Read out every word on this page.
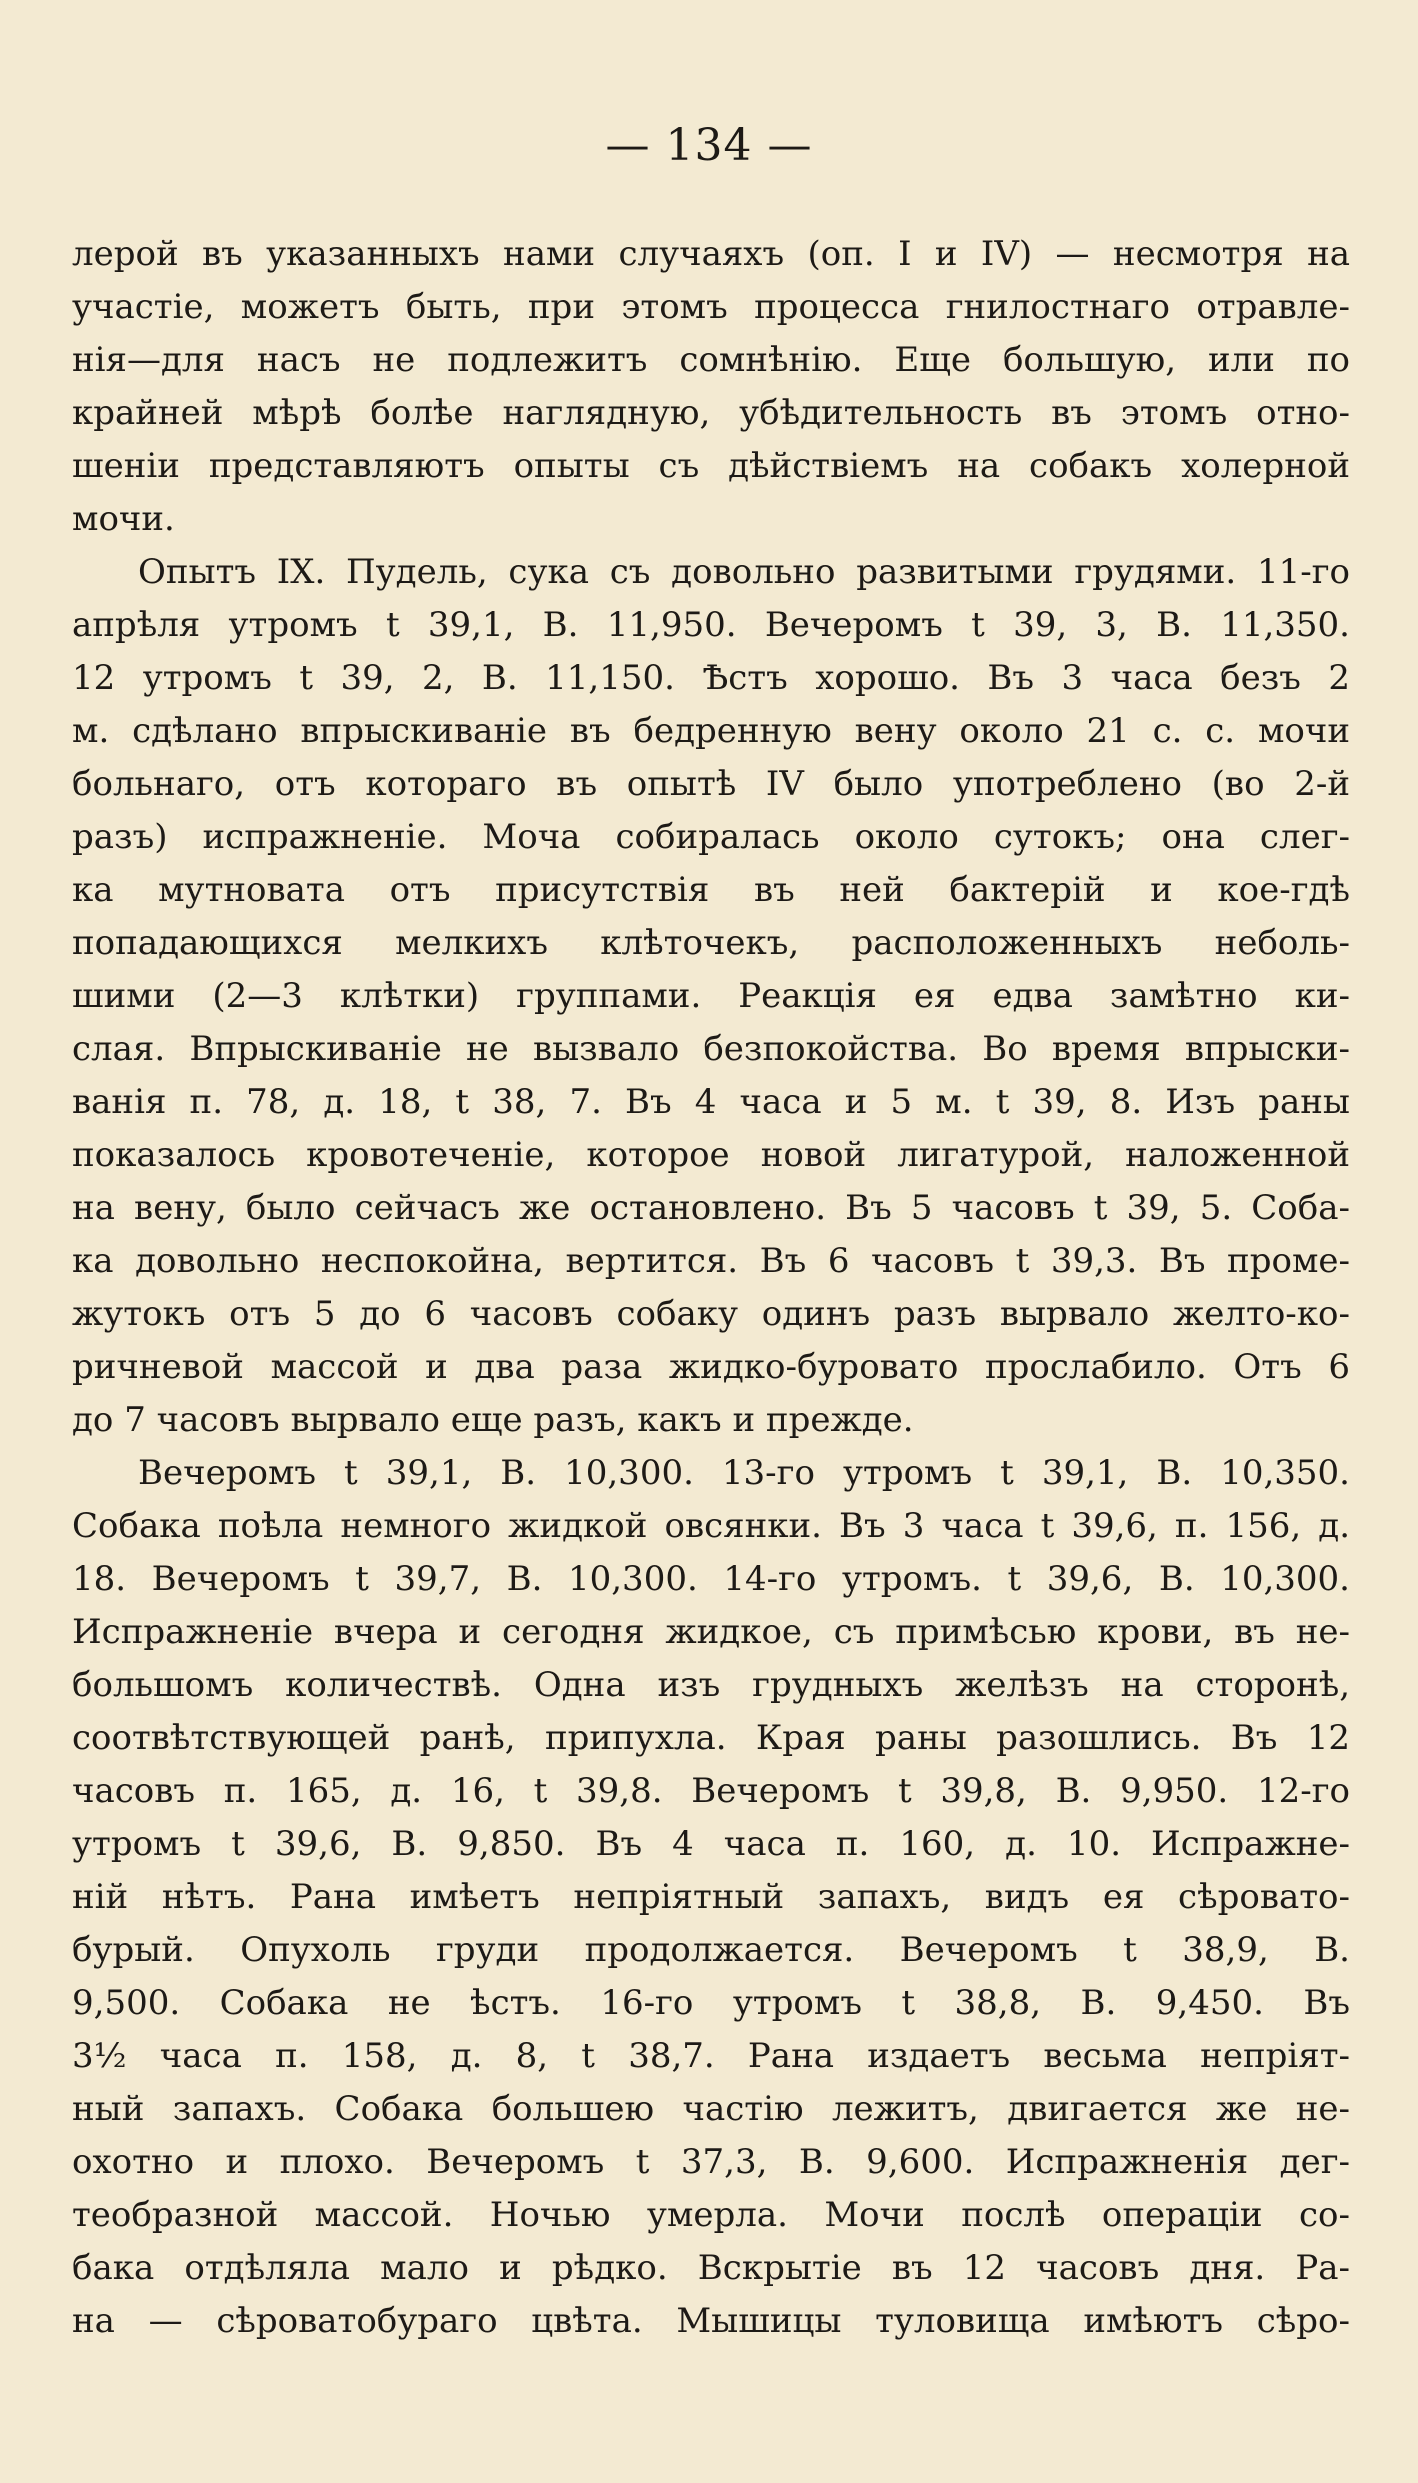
— 134 —
лерой въ указанныхъ нами случаяхъ (оп. I и IV) — несмотря на
участіе, можетъ быть, при этомъ процесса гнилостнаго отравле-
нія—для насъ не подлежитъ сомнѣнію. Еще большую, или по
крайней мѣрѣ болѣе наглядную, убѣдительность въ этомъ отно-
шеніи представляютъ опыты съ дѣйствіемъ на собакъ холерной
мочи.
Опытъ IX. Пудель, сука съ довольно развитыми грудями. 11-го
апрѣля утромъ t 39,1, В. 11,950. Вечеромъ t 39, 3, В. 11,350.
12 утромъ t 39, 2, В. 11,150. Ѣстъ хорошо. Въ 3 часа безъ 2
м. сдѣлано впрыскиваніе въ бедренную вену около 21 с. с. мочи
больнаго, отъ котораго въ опытѣ IV было употреблено (во 2-й
разъ) испражненіе. Моча собиралась около сутокъ; она слег-
ка мутновата отъ присутствія въ ней бактерій и кое-гдѣ
попадающихся мелкихъ клѣточекъ, расположенныхъ неболь-
шими (2—3 клѣтки) группами. Реакція ея едва замѣтно ки-
слая. Впрыскиваніе не вызвало безпокойства. Во время впрыски-
ванія п. 78, д. 18, t 38, 7. Въ 4 часа и 5 м. t 39, 8. Изъ раны
показалось кровотеченіе, которое новой лигатурой, наложенной
на вену, было сейчасъ же остановлено. Въ 5 часовъ t 39, 5. Соба-
ка довольно неспокойна, вертится. Въ 6 часовъ t 39,3. Въ проме-
жутокъ отъ 5 до 6 часовъ собаку одинъ разъ вырвало желто-ко-
ричневой массой и два раза жидко-буровато прослабило. Отъ 6
до 7 часовъ вырвало еще разъ, какъ и прежде.
Вечеромъ t 39,1, В. 10,300. 13-го утромъ t 39,1, В. 10,350.
Собака поѣла немного жидкой овсянки. Въ 3 часа t 39,6, п. 156, д.
18. Вечеромъ t 39,7, В. 10,300. 14-го утромъ. t 39,6, В. 10,300.
Испражненіе вчера и сегодня жидкое, съ примѣсью крови, въ не-
большомъ количествѣ. Одна изъ грудныхъ желѣзъ на сторонѣ,
соотвѣтствующей ранѣ, припухла. Края раны разошлись. Въ 12
часовъ п. 165, д. 16, t 39,8. Вечеромъ t 39,8, В. 9,950. 12-го
утромъ t 39,6, В. 9,850. Въ 4 часа п. 160, д. 10. Испражне-
ній нѣтъ. Рана имѣетъ непріятный запахъ, видъ ея сѣровато-
бурый. Опухоль груди продолжается. Вечеромъ t 38,9, В.
9,500. Собака не ѣстъ. 16-го утромъ t 38,8, В. 9,450. Въ
3½ часа п. 158, д. 8, t 38,7. Рана издаетъ весьма непріят-
ный запахъ. Собака большею частію лежитъ, двигается же не-
охотно и плохо. Вечеромъ t 37,3, В. 9,600. Испражненія дег-
теобразной массой. Ночью умерла. Мочи послѣ операціи со-
бака отдѣляла мало и рѣдко. Вскрытіе въ 12 часовъ дня. Ра-
на — сѣроватобураго цвѣта. Мышицы туловища имѣютъ сѣро-
